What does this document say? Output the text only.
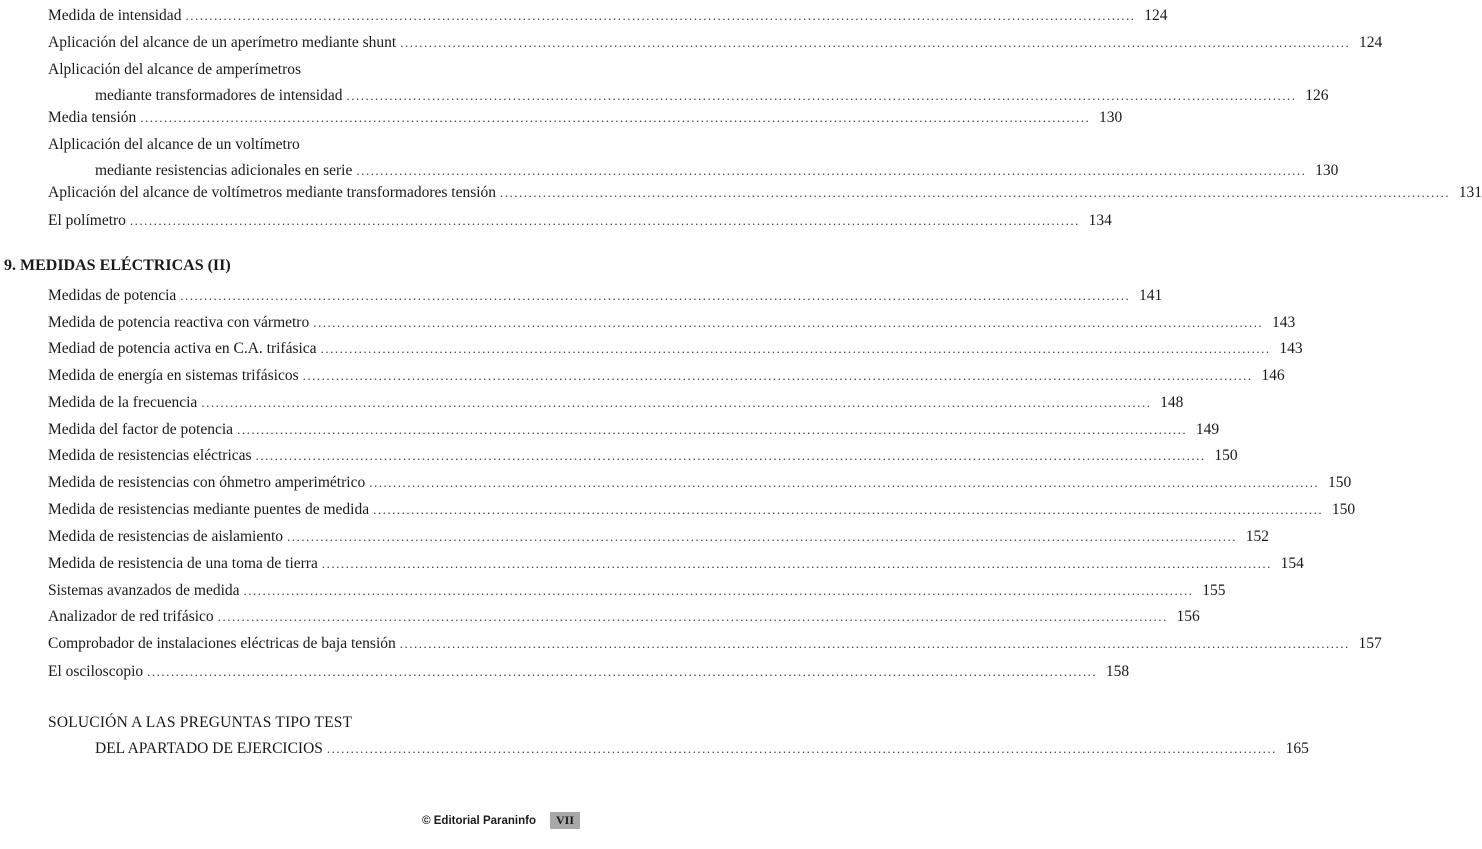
Medida de intensidad ........................................................................................................................................................................................................ 124
Aplicación del alcance de un aperímetro mediante shunt ........................................................................................................................................................................................................ 124
Alplicación del alcance de amperímetros
mediante transformadores de intensidad ........................................................................................................................................................................................................ 126
Media tensión ........................................................................................................................................................................................................ 130
Alplicación del alcance de un voltímetro
mediante resistencias adicionales en serie ........................................................................................................................................................................................................ 130
Aplicación del alcance de voltímetros mediante transformadores tensión ........................................................................................................................................................................................................ 131
El polímetro ........................................................................................................................................................................................................ 134
9. MEDIDAS ELÉCTRICAS (II)
Medidas de potencia ........................................................................................................................................................................................................ 141
Medida de potencia reactiva con vármetro ........................................................................................................................................................................................................ 143
Mediad de potencia activa en C.A. trifásica ........................................................................................................................................................................................................ 143
Medida de energía en sistemas trifásicos ........................................................................................................................................................................................................ 146
Medida de la frecuencia ........................................................................................................................................................................................................ 148
Medida del factor de potencia ........................................................................................................................................................................................................ 149
Medida de resistencias eléctricas ........................................................................................................................................................................................................ 150
Medida de resistencias con óhmetro amperimétrico ........................................................................................................................................................................................................ 150
Medida de resistencias mediante puentes de medida ........................................................................................................................................................................................................ 150
Medida de resistencias de aislamiento ........................................................................................................................................................................................................ 152
Medida de resistencia de una toma de tierra ........................................................................................................................................................................................................ 154
Sistemas avanzados de medida ........................................................................................................................................................................................................ 155
Analizador de red trifásico ........................................................................................................................................................................................................ 156
Comprobador de instalaciones eléctricas de baja tensión ........................................................................................................................................................................................................ 157
El osciloscopio ........................................................................................................................................................................................................ 158
SOLUCIÓN A LAS PREGUNTAS TIPO TEST
DEL APARTADO DE EJERCICIOS ........................................................................................................................................................................................................ 165
© Editorial Paraninfo	VII
